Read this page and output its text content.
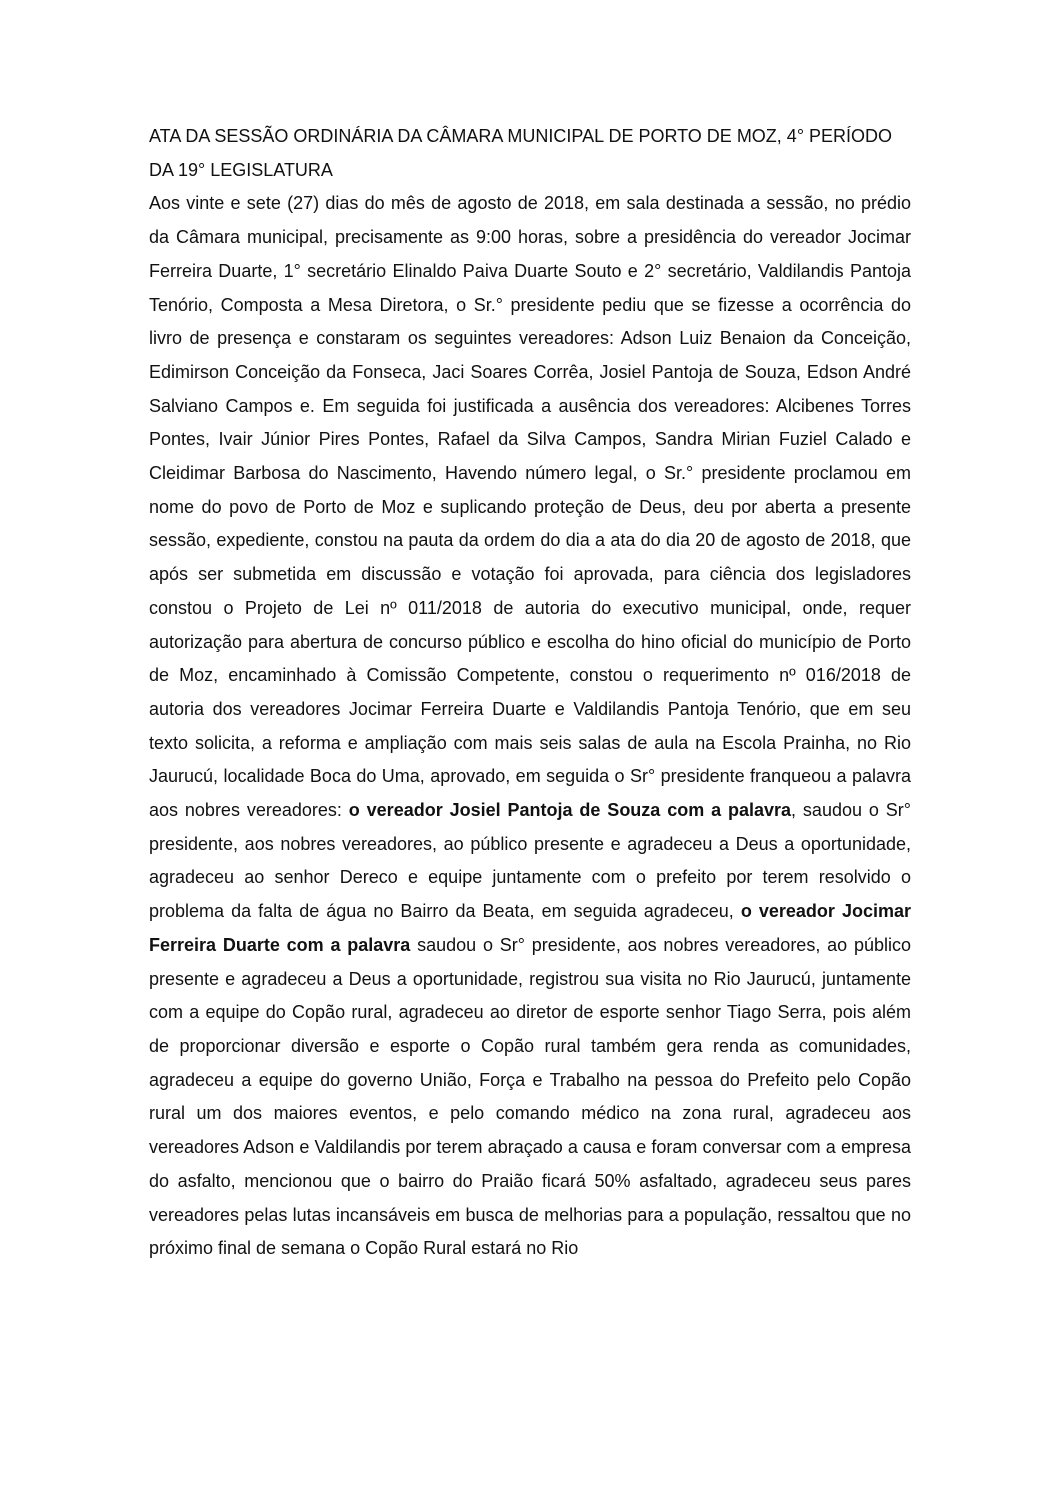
ATA DA SESSÃO ORDINÁRIA DA CÂMARA MUNICIPAL DE PORTO DE MOZ, 4° PERÍODO DA 19° LEGISLATURA

Aos vinte e sete (27) dias do mês de agosto de 2018, em sala destinada a sessão, no prédio da Câmara municipal, precisamente as 9:00 horas, sobre a presidência do vereador Jocimar Ferreira Duarte, 1° secretário Elinaldo Paiva Duarte Souto e 2° secretário, Valdilandis Pantoja Tenório, Composta a Mesa Diretora, o Sr.° presidente pediu que se fizesse a ocorrência do livro de presença e constaram os seguintes vereadores: Adson Luiz Benaion da Conceição, Edimirson Conceição da Fonseca, Jaci Soares Corrêa, Josiel Pantoja de Souza, Edson André Salviano Campos e. Em seguida foi justificada a ausência dos vereadores: Alcibenes Torres Pontes, Ivair Júnior Pires Pontes, Rafael da Silva Campos, Sandra Mirian Fuziel Calado e Cleidimar Barbosa do Nascimento, Havendo número legal, o Sr.° presidente proclamou em nome do povo de Porto de Moz e suplicando proteção de Deus, deu por aberta a presente sessão, expediente, constou na pauta da ordem do dia a ata do dia 20 de agosto de 2018, que após ser submetida em discussão e votação foi aprovada, para ciência dos legisladores constou o Projeto de Lei nº 011/2018 de autoria do executivo municipal, onde, requer autorização para abertura de concurso público e escolha do hino oficial do município de Porto de Moz, encaminhado à Comissão Competente, constou o requerimento nº 016/2018 de autoria dos vereadores Jocimar Ferreira Duarte e Valdilandis Pantoja Tenório, que em seu texto solicita, a reforma e ampliação com mais seis salas de aula na Escola Prainha, no Rio Jaurucú, localidade Boca do Uma, aprovado, em seguida o Sr° presidente franqueou a palavra aos nobres vereadores: o vereador Josiel Pantoja de Souza com a palavra, saudou o Sr° presidente, aos nobres vereadores, ao público presente e agradeceu a Deus a oportunidade, agradeceu ao senhor Dereco e equipe juntamente com o prefeito por terem resolvido o problema da falta de água no Bairro da Beata, em seguida agradeceu, o vereador Jocimar Ferreira Duarte com a palavra saudou o Sr° presidente, aos nobres vereadores, ao público presente e agradeceu a Deus a oportunidade, registrou sua visita no Rio Jaurucú, juntamente com a equipe do Copão rural, agradeceu ao diretor de esporte senhor Tiago Serra, pois além de proporcionar diversão e esporte o Copão rural também gera renda as comunidades, agradeceu a equipe do governo União, Força e Trabalho na pessoa do Prefeito pelo Copão rural um dos maiores eventos, e pelo comando médico na zona rural, agradeceu aos vereadores Adson e Valdilandis por terem abraçado a causa e foram conversar com a empresa do asfalto, mencionou que o bairro do Praião ficará 50% asfaltado, agradeceu seus pares vereadores pelas lutas incansáveis em busca de melhorias para a população, ressaltou que no próximo final de semana o Copão Rural estará no Rio
